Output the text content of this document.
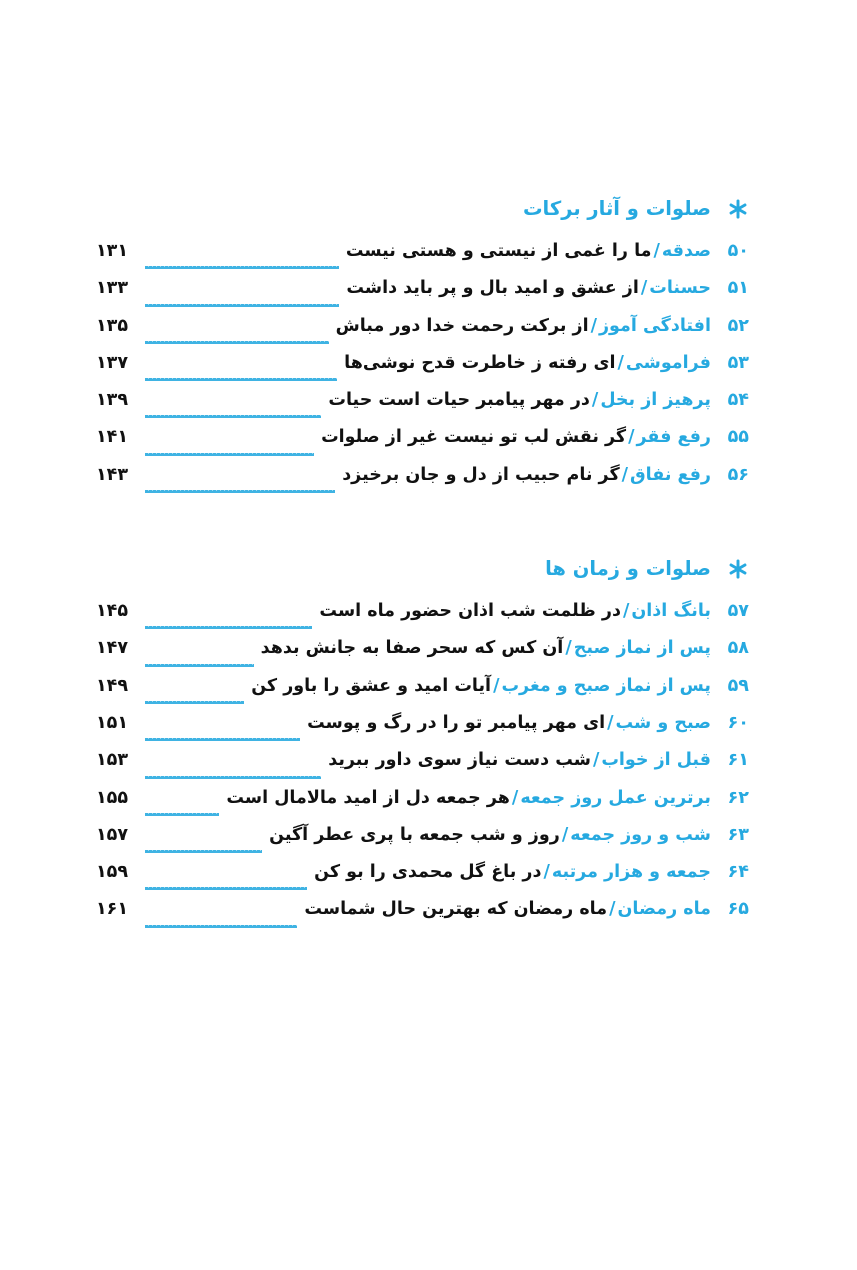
صلوات و آثار برکات
۵۰
صدقه/ما را غمی از نیستی و هستی نیست
۱۳۱
۵۱
حسنات/از عشق و امید بال و پر باید داشت
۱۳۳
۵۲
افتادگی آموز/از برکت رحمت خدا دور مباش
۱۳۵
۵۳
فراموشی/ای رفته ز خاطرت قدح نوشی‌ها
۱۳۷
۵۴
پرهیز از بخل/در مهر پیامبر حیات است حیات
۱۳۹
۵۵
رفع فقر/گر نقش لب تو نیست غیر از صلوات
۱۴۱
۵۶
رفع نفاق/گر نام حبیب از دل و جان برخیزد
۱۴۳
صلوات و زمان ها
۵۷
بانگ اذان/در ظلمت شب اذان حضور ماه است
۱۴۵
۵۸
پس از نماز صبح/آن کس که سحر صفا به جانش بدهد
۱۴۷
۵۹
پس از نماز صبح و مغرب/آیات امید و عشق را باور کن
۱۴۹
۶۰
صبح و شب/ای مهر پیامبر تو را در رگ و پوست
۱۵۱
۶۱
قبل از خواب/شب دست نیاز سوی داور ببرید
۱۵۳
۶۲
برترین عمل روز جمعه/هر جمعه دل از امید مالامال است
۱۵۵
۶۳
شب و روز جمعه/روز و شب جمعه با پری عطر آگین
۱۵۷
۶۴
جمعه و هزار مرتبه/در باغ گل محمدی را بو کن
۱۵۹
۶۵
ماه رمضان/ماه رمضان که بهترین حال شماست
۱۶۱
